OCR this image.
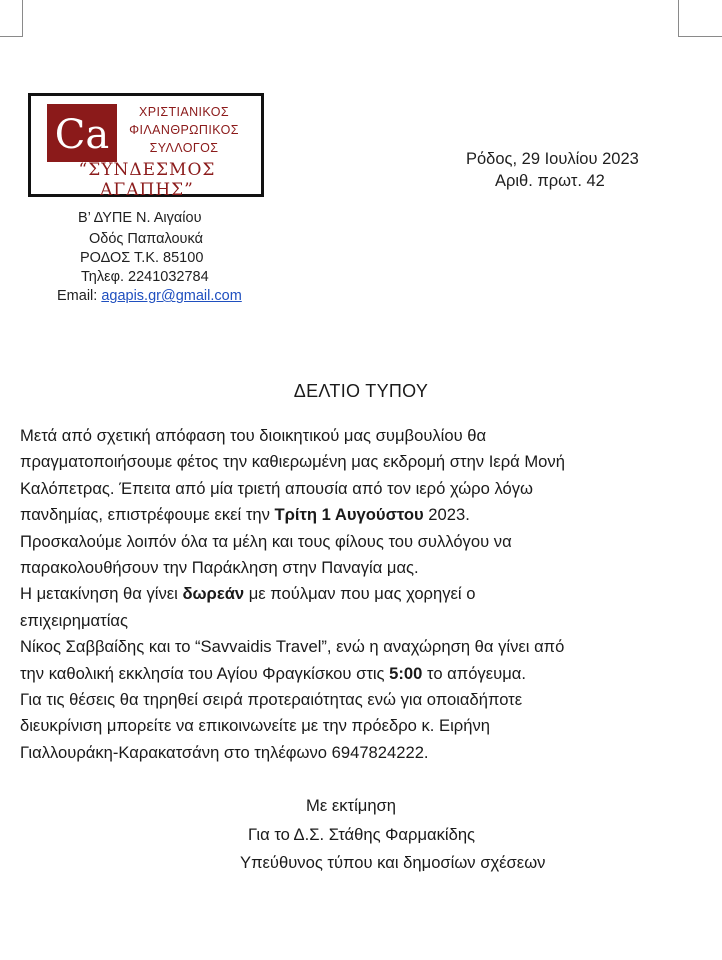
Ca	ΧΡΙΣΤΙΑΝΙΚΟΣ
ΦΙΛΑΝΘΡΩΠΙΚΟΣ
ΣΥΛΛΟΓΟΣ
“ΣΥΝΔΕΣΜΟΣ ΑΓΑΠΗΣ”
Β’ ΔΥΠΕ Ν. Αιγαίου
Οδός Παπαλουκά
ΡΟΔΟΣ Τ.Κ. 85100
Τηλεφ. 2241032784
Email: agapis.gr@gmail.com
Ρόδος, 29 Ιουλίου 2023
Αριθ. πρωτ. 42
ΔΕΛΤΙΟ ΤΥΠΟΥ
Μετά από σχετική απόφαση του διοικητικού μας συμβουλίου θα
πραγματοποιήσουμε φέτος την καθιερωμένη μας εκδρομή στην Ιερά Μονή
Καλόπετρας. Έπειτα από μία τριετή απουσία από τον ιερό χώρο λόγω
πανδημίας, επιστρέφουμε εκεί την Τρίτη 1 Αυγούστου 2023.
Προσκαλούμε λοιπόν όλα τα μέλη και τους φίλους του συλλόγου να
παρακολουθήσουν την Παράκληση στην Παναγία μας.
Η μετακίνηση θα γίνει δωρεάν με πούλμαν που μας χορηγεί ο
επιχειρηματίας
Νίκος Σαββαίδης και το “Savvaidis Travel”, ενώ η αναχώρηση θα γίνει από
την καθολική εκκλησία του Αγίου Φραγκίσκου στις 5:00 το απόγευμα.
Για τις θέσεις θα τηρηθεί σειρά προτεραιότητας ενώ για οποιαδήποτε
διευκρίνιση μπορείτε να επικοινωνείτε με την πρόεδρο κ. Ειρήνη
Γιαλλουράκη-Καρακατσάνη στο τηλέφωνο 6947824222.
Με εκτίμηση
Για το Δ.Σ. Στάθης Φαρμακίδης
Υπεύθυνος τύπου και δημοσίων σχέσεων
